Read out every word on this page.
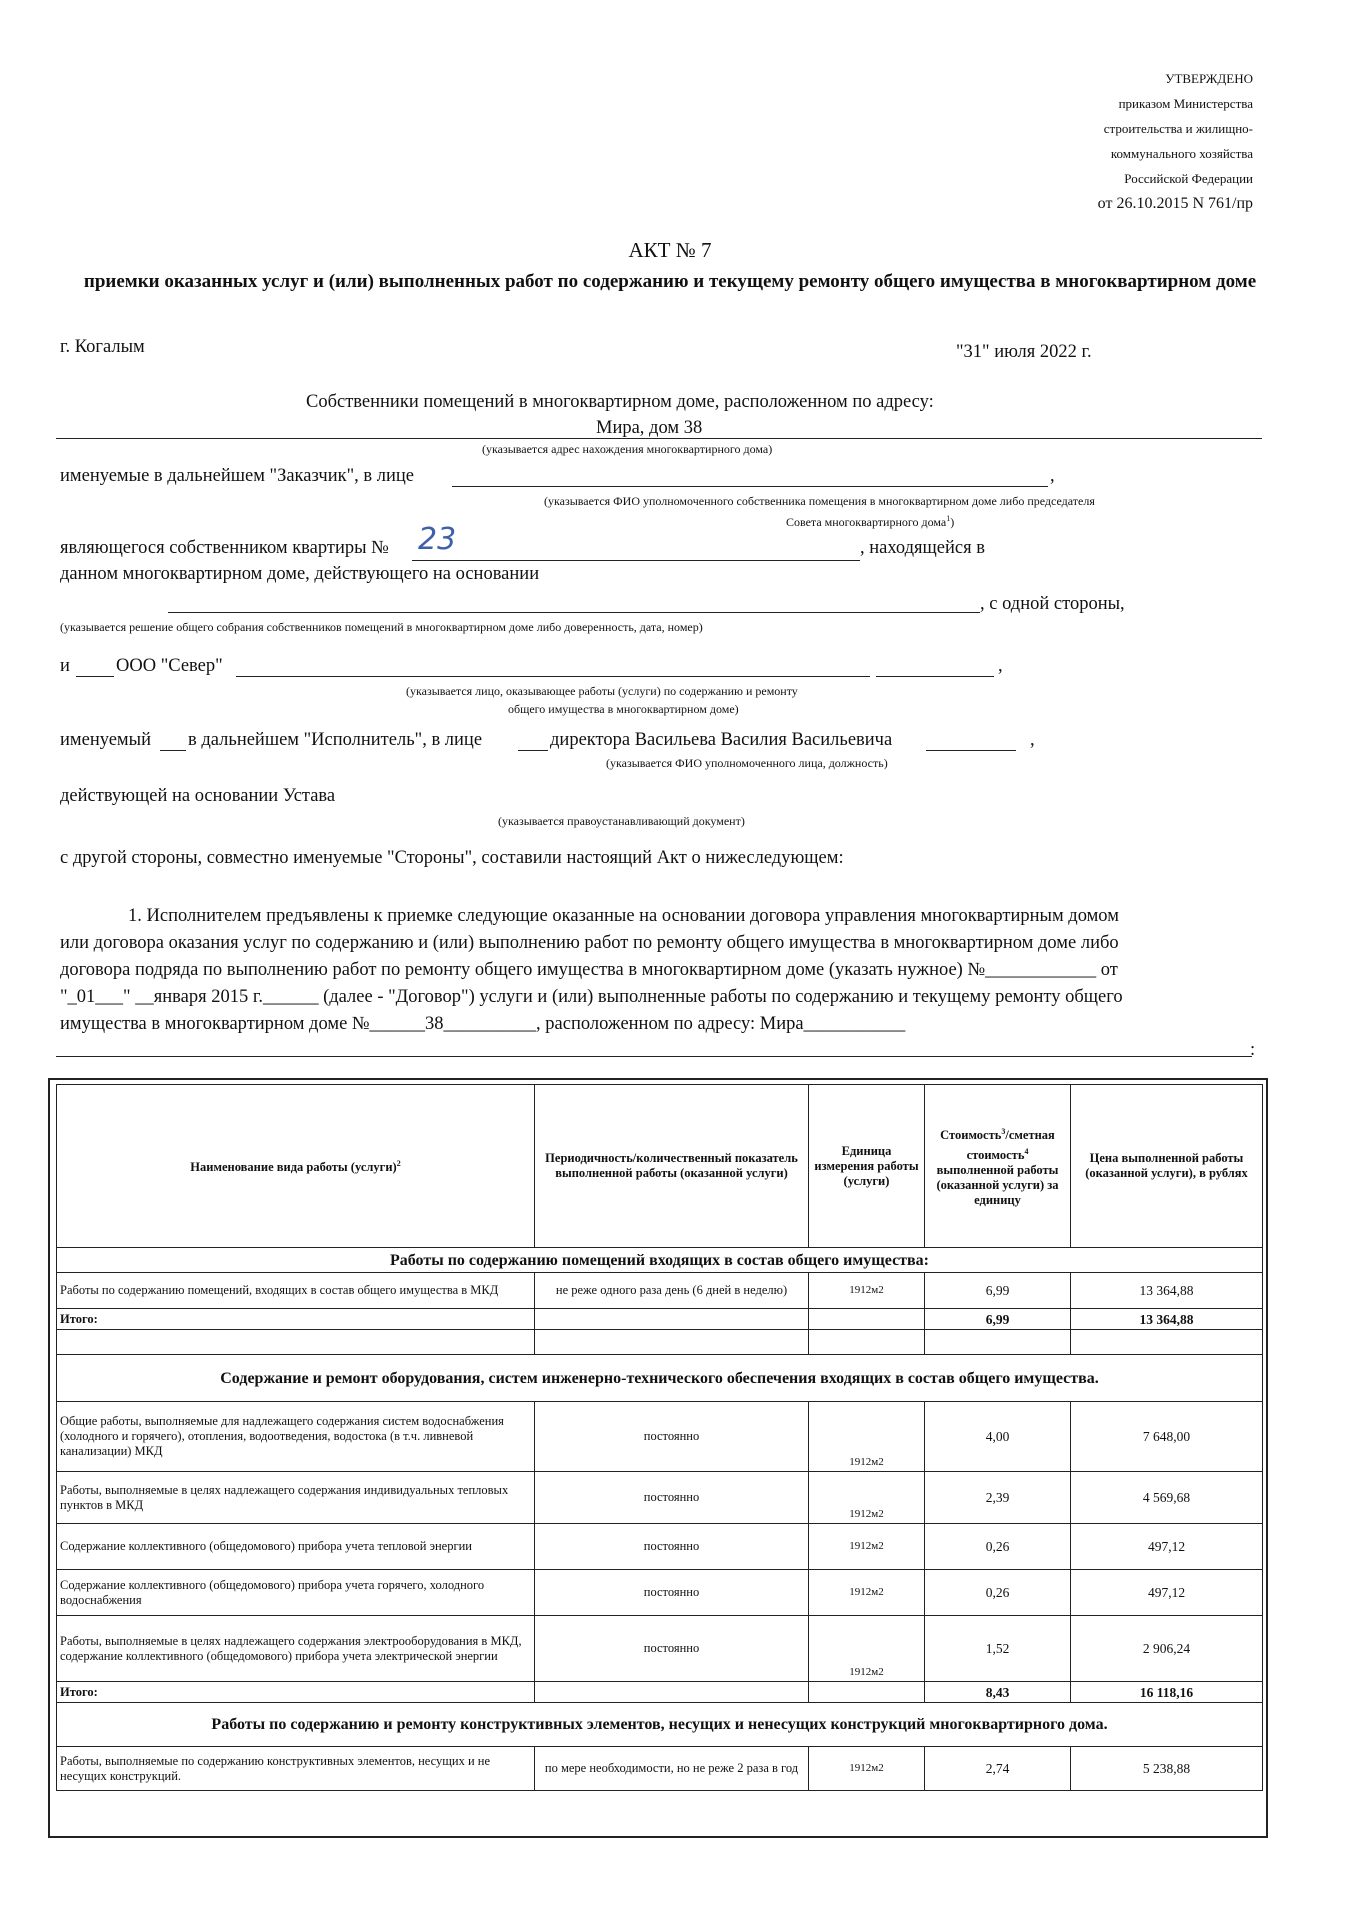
УТВЕРЖДЕНО
приказом Министерства
строительства и жилищно-
коммунального хозяйства
Российской Федерации
от 26.10.2015 N 761/пр
АКТ № 7
приемки оказанных услуг и (или) выполненных работ по содержанию и текущему ремонту общего имущества в многоквартирном доме
г. Когалым	"31" июля 2022 г.
Собственники помещений в многоквартирном доме, расположенном по адресу:
Мира, дом 38
(указывается адрес нахождения многоквартирного дома)
именуемые в дальнейшем "Заказчик", в лице	,
(указывается ФИО уполномоченного собственника помещения в многоквартирном доме либо председателя
Совета многоквартирного дома$^1$)
являющегося собственником квартиры № 23	, находящейся в
данном многоквартирном доме, действующего на основании
, с одной стороны,
(указывается решение общего собрания собственников помещений в многоквартирном доме либо доверенность, дата, номер)
и ООО "Север"	,
(указывается лицо, оказывающее работы (услуги) по содержанию и ремонту
общего имущества в многоквартирном доме)
именуемый в дальнейшем "Исполнитель", в лице	директора Васильева Василия Васильевича	,
(указывается ФИО уполномоченного лица, должность)
действующей на основании Устава
(указывается правоустанавливающий документ)
с другой стороны, совместно именуемые "Стороны", составили настоящий Акт о нижеследующем:
1. Исполнителем предъявлены к приемке следующие оказанные на основании договора управления многоквартирным домом
или договора оказания услуг по содержанию и (или) выполнению работ по ремонту общего имущества в многоквартирном доме либо
договора подряда по выполнению работ по ремонту общего имущества в многоквартирном доме (указать нужное) №____________ от
"_01___" __января 2015 г.______ (далее - "Договор") услуги и (или) выполненные работы по содержанию и текущему ремонту общего
имущества в многоквартирном доме №______38__________, расположенном по адресу: Мира___________
:
Наименование вида работы (услуги)$^2$	Периодичность/количественный показатель выполненной работы (оказанной услуги)	Единица измерения работы (услуги)	Стоимость$^3$/сметная стоимость$^4$ выполненной работы (оказанной услуги) за единицу	Цена выполненной работы (оказанной услуги), в рублях
Работы по содержанию помещений входящих в состав общего имущества:				
Работы по содержанию помещений, входящих в состав общего имущества в МКД	не реже одного раза день (6 дней в неделю)	1912м2	6,99	13 364,88
Итого:			6,99	13 364,88

Содержание и ремонт оборудования, систем инженерно-технического обеспечения входящих в состав общего имущества.				
Общие работы, выполняемые для надлежащего содержания систем водоснабжения (холодного и горячего), отопления, водоотведения, водостока (в т.ч. ливневой канализации) МКД	постоянно	1912м2	4,00	7 648,00
Работы, выполняемые в целях надлежащего содержания индивидуальных тепловых пунктов в МКД	постоянно	1912м2	2,39	4 569,68
Содержание коллективного (общедомового) прибора учета тепловой энергии	постоянно	1912м2	0,26	497,12
Содержание коллективного (общедомового) прибора учета горячего, холодного водоснабжения	постоянно	1912м2	0,26	497,12
Работы, выполняемые в целях надлежащего содержания электрооборудования в МКД, содержание коллективного (общедомового) прибора учета электрической энергии	постоянно	1912м2	1,52	2 906,24
Итого:			8,43	16 118,16
Работы по содержанию и ремонту конструктивных элементов, несущих и ненесущих конструкций многоквартирного дома.				
Работы, выполняемые по содержанию конструктивных элементов, несущих и не несущих конструкций.	по мере необходимости, но не реже 2 раза в год	1912м2	2,74	5 238,88
